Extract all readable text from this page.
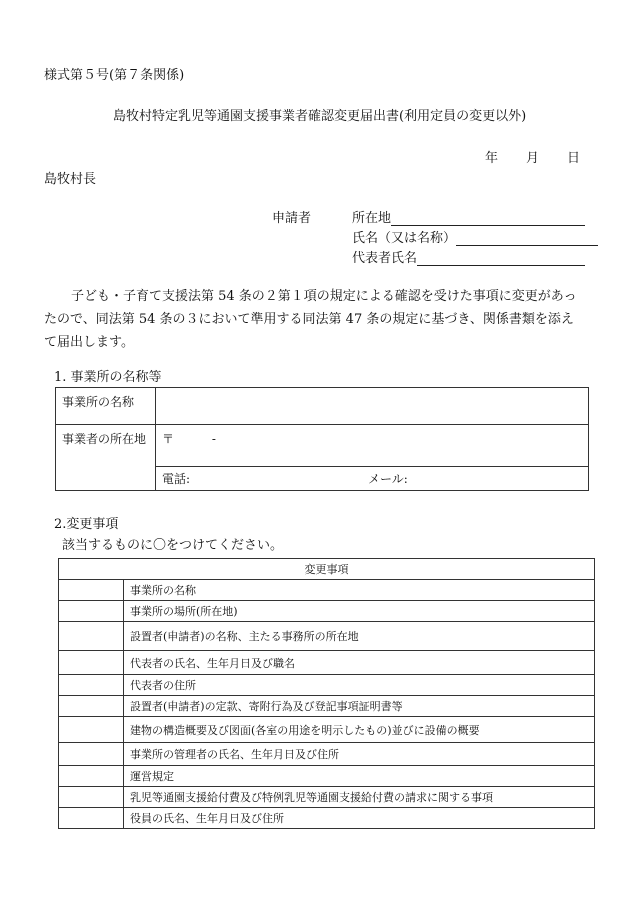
様式第５号(第７条関係)
島牧村特定乳児等通園支援事業者確認変更届出書(利用定員の変更以外)
年 月 日
島牧村長
申請者	所在地
氏名（又は名称）
代表者氏名
子ども・子育て支援法第 54 条の２第１項の規定による確認を受けた事項に変更があっ
たので、同法第 54 条の３において準用する同法第 47 条の規定に基づき、関係書類を添え
て届出します。
1. 事業所の名称等
事業所の名称	
事業者の所在地	〒 -
	電話: メール:
2.変更事項
該当するものに〇をつけてください。
変更事項	
	事業所の名称
	事業所の場所(所在地)
	設置者(申請者)の名称、主たる事務所の所在地
	代表者の氏名、生年月日及び職名
	代表者の住所
	設置者(申請者)の定款、寄附行為及び登記事項証明書等
	建物の構造概要及び図面(各室の用途を明示したもの)並びに設備の概要
	事業所の管理者の氏名、生年月日及び住所
	運営規定
	乳児等通園支援給付費及び特例乳児等通園支援給付費の請求に関する事項
	役員の氏名、生年月日及び住所
